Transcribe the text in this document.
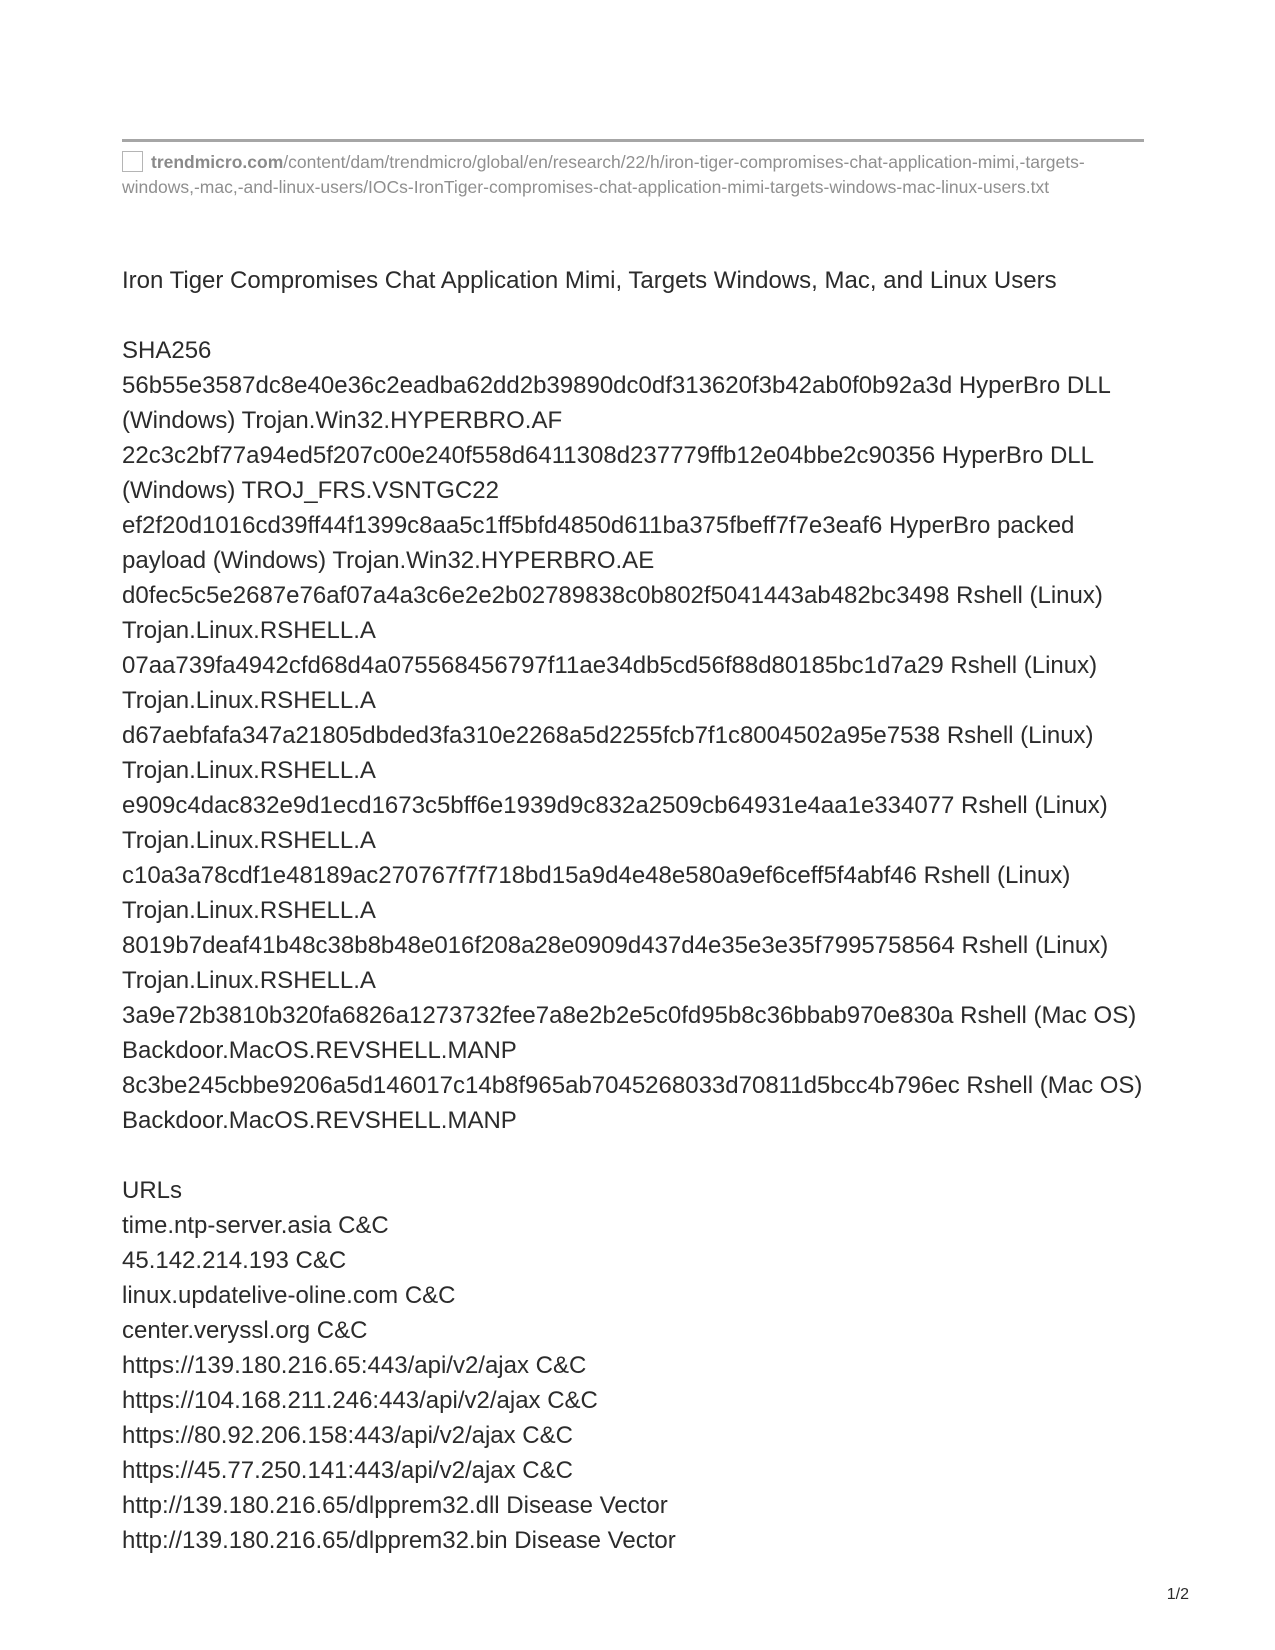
trendmicro.com/content/dam/trendmicro/global/en/research/22/h/iron-tiger-compromises-chat-application-mimi,-targets-windows,-mac,-and-linux-users/IOCs-IronTiger-compromises-chat-application-mimi-targets-windows-mac-linux-users.txt

Iron Tiger Compromises Chat Application Mimi, Targets Windows, Mac, and Linux Users

SHA256

56b55e3587dc8e40e36c2eadba62dd2b39890dc0df313620f3b42ab0f0b92a3d HyperBro DLL (Windows) Trojan.Win32.HYPERBRO.AF
22c3c2bf77a94ed5f207c00e240f558d6411308d237779ffb12e04bbe2c90356 HyperBro DLL (Windows) TROJ_FRS.VSNTGC22
ef2f20d1016cd39ff44f1399c8aa5c1ff5bfd4850d611ba375fbeff7f7e3eaf6 HyperBro packed payload (Windows) Trojan.Win32.HYPERBRO.AE
d0fec5c5e2687e76af07a4a3c6e2e2b02789838c0b802f5041443ab482bc3498 Rshell (Linux) Trojan.Linux.RSHELL.A
07aa739fa4942cfd68d4a075568456797f11ae34db5cd56f88d80185bc1d7a29 Rshell (Linux) Trojan.Linux.RSHELL.A
d67aebfafa347a21805dbded3fa310e2268a5d2255fcb7f1c8004502a95e7538 Rshell (Linux) Trojan.Linux.RSHELL.A
e909c4dac832e9d1ecd1673c5bff6e1939d9c832a2509cb64931e4aa1e334077 Rshell (Linux) Trojan.Linux.RSHELL.A
c10a3a78cdf1e48189ac270767f7f718bd15a9d4e48e580a9ef6ceff5f4abf46 Rshell (Linux) Trojan.Linux.RSHELL.A
8019b7deaf41b48c38b8b48e016f208a28e0909d437d4e35e3e35f7995758564 Rshell (Linux) Trojan.Linux.RSHELL.A
3a9e72b3810b320fa6826a1273732fee7a8e2b2e5c0fd95b8c36bbab970e830a Rshell (Mac OS) Backdoor.MacOS.REVSHELL.MANP
8c3be245cbbe9206a5d146017c14b8f965ab7045268033d70811d5bcc4b796ec Rshell (Mac OS) Backdoor.MacOS.REVSHELL.MANP

URLs

time.ntp-server.asia C&C
45.142.214.193 C&C
linux.updatelive-oline.com C&C
center.veryssl.org C&C
https://139.180.216.65:443/api/v2/ajax C&C
https://104.168.211.246:443/api/v2/ajax C&C
https://80.92.206.158:443/api/v2/ajax C&C
https://45.77.250.141:443/api/v2/ajax C&C
http://139.180.216.65/dlpprem32.dll Disease Vector
http://139.180.216.65/dlpprem32.bin Disease Vector
1/2
